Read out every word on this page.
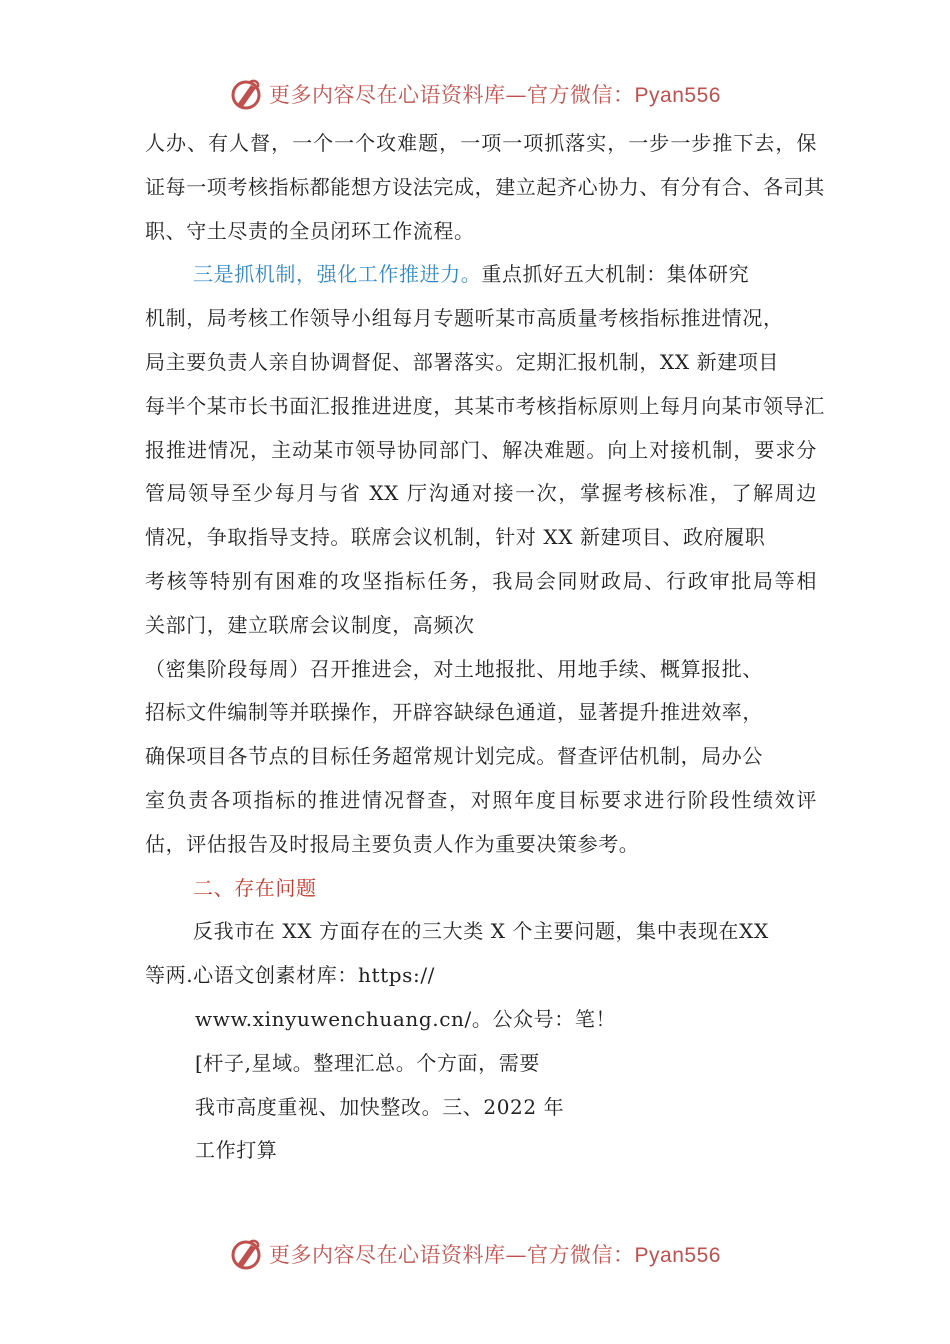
更多内容尽在心语资料库—官方微信：Pyan556
人办、有人督，一个一个攻难题，一项一项抓落实，一步一步推下去，保
证每一项考核指标都能想方设法完成，建立起齐心协力、有分有合、各司其
职、守土尽责的全员闭环工作流程。
三是抓机制，强化工作推进力。重点抓好五大机制：集体研究
机制，局考核工作领导小组每月专题听某市高质量考核指标推进情况，
局主要负责人亲自协调督促、部署落实。定期汇报机制，XX 新建项目
每半个某市长书面汇报推进进度，其某市考核指标原则上每月向某市领导汇
报推进情况，主动某市领导协同部门、解决难题。向上对接机制，要求分
管局领导至少每月与省 XX 厅沟通对接一次，掌握考核标准，了解周边
情况，争取指导支持。联席会议机制，针对 XX 新建项目、政府履职
考核等特别有困难的攻坚指标任务，我局会同财政局、行政审批局等相
关部门，建立联席会议制度，高频次
（密集阶段每周）召开推进会，对土地报批、用地手续、概算报批、
招标文件编制等并联操作，开辟容缺绿色通道，显著提升推进效率，
确保项目各节点的目标任务超常规计划完成。督查评估机制，局办公
室负责各项指标的推进情况督查，对照年度目标要求进行阶段性绩效评
估，评估报告及时报局主要负责人作为重要决策参考。
二、存在问题
反我市在 XX 方面存在的三大类 X 个主要问题，集中表现在XX
等两.心语文创素材库：https://
www.xinyuwenchuang.cn/。公众号：笔！
[杆子,星域。整理汇总。个方面，需要
我市高度重视、加快整改。三、2022 年
工作打算
更多内容尽在心语资料库—官方微信：Pyan556
